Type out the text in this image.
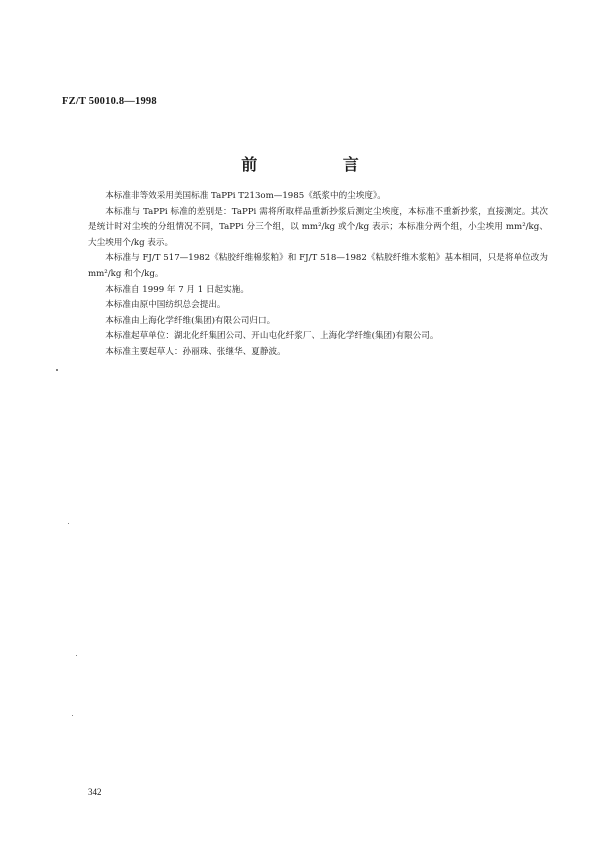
FZ/T 50010.8—1998
前 言

本标准非等效采用美国标准 TaPPi T213om—1985《纸浆中的尘埃度》。

本标准与 TaPPi 标准的差别是：TaPPi 需将所取样品重新抄浆后测定尘埃度，本标准不重新抄浆，直接测定。其次是统计时对尘埃的分组情况不同，TaPPi 分三个组，以 mm²/kg 或个/kg 表示；本标准分两个组，小尘埃用 mm²/kg、大尘埃用个/kg 表示。

本标准与 FJ/T 517—1982《粘胶纤维棉浆粕》和 FJ/T 518—1982《粘胶纤维木浆粕》基本相同，只是将单位改为 mm²/kg 和个/kg。

本标准自 1999 年 7 月 1 日起实施。

本标准由原中国纺织总会提出。

本标准由上海化学纤维(集团)有限公司归口。

本标准起草单位：湖北化纤集团公司、开山屯化纤浆厂、上海化学纤维(集团)有限公司。

本标准主要起草人：孙丽珠、张继华、夏静波。

342
